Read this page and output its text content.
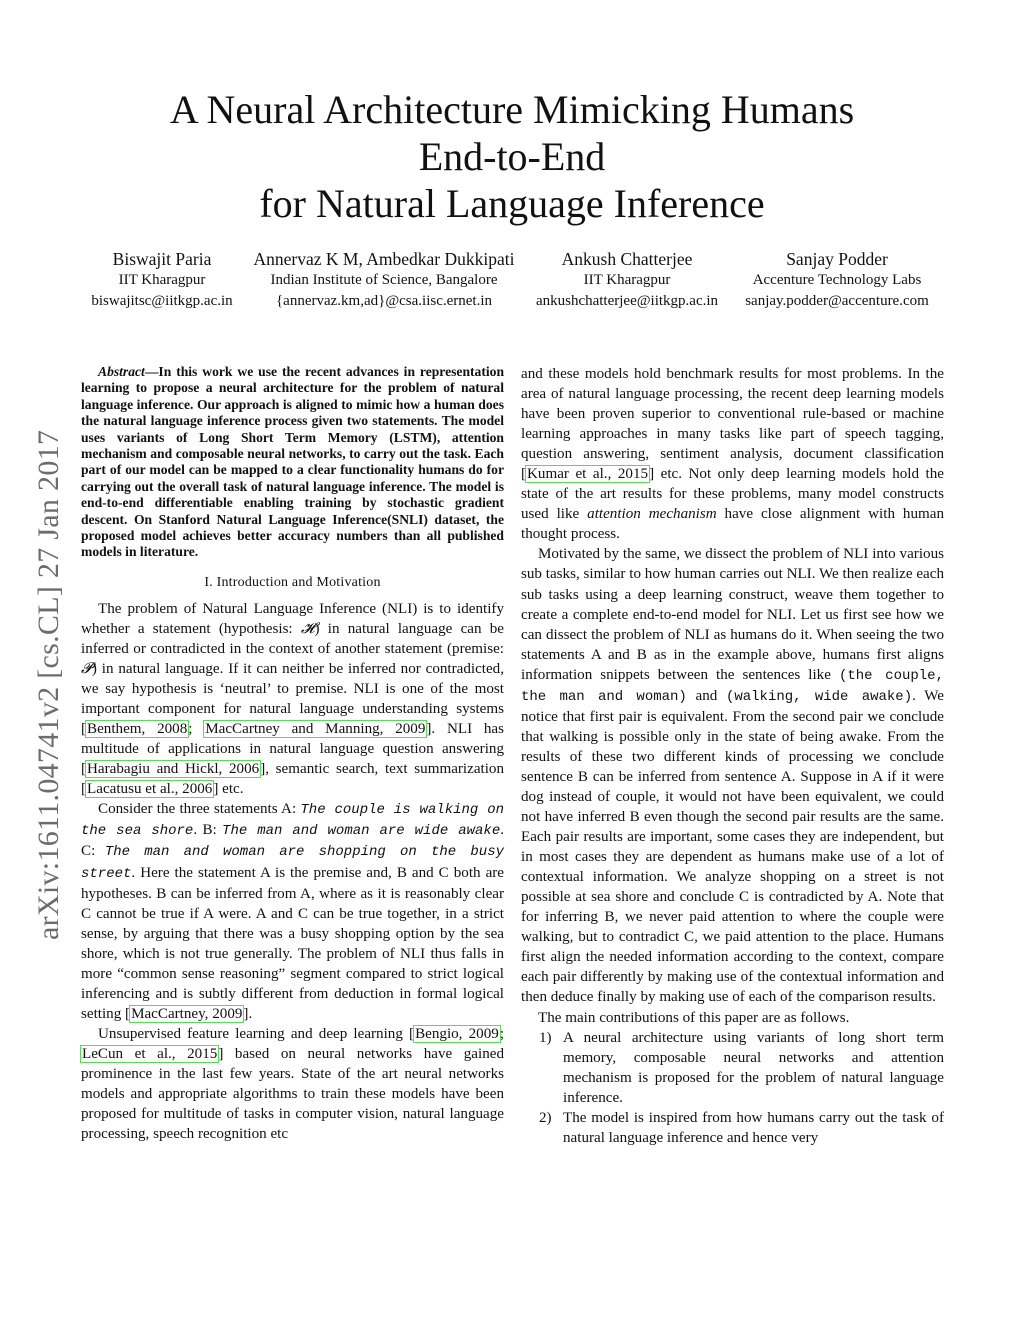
A Neural Architecture Mimicking Humans
End-to-End
for Natural Language Inference
Biswajit Paria
IIT Kharagpur
biswajitsc@iitkgp.ac.in
Annervaz K M, Ambedkar Dukkipati
Indian Institute of Science, Bangalore
{annervaz.km,ad}@csa.iisc.ernet.in
Ankush Chatterjee
IIT Kharagpur
ankushchatterjee@iitkgp.ac.in
Sanjay Podder
Accenture Technology Labs
sanjay.podder@accenture.com
arXiv:1611.04741v2 [cs.CL] 27 Jan 2017

Abstract—In this work we use the recent advances in representation learning to propose a neural architecture for the problem of natural language inference. Our approach is aligned to mimic how a human does the natural language inference process given two statements. The model uses variants of Long Short Term Memory (LSTM), attention mechanism and composable neural networks, to carry out the task. Each part of our model can be mapped to a clear functionality humans do for carrying out the overall task of natural language inference. The model is end-to-end differentiable enabling training by stochastic gradient descent. On Stanford Natural Language Inference(SNLI) dataset, the proposed model achieves better accuracy numbers than all published models in literature.

I. Introduction and Motivation

The problem of Natural Language Inference (NLI) is to identify whether a statement (hypothesis: 𝓗) in natural language can be inferred or contradicted in the context of another statement (premise: 𝓟) in natural language. If it can neither be inferred nor contradicted, we say hypothesis is ‘neutral’ to premise. NLI is one of the most important component for natural language understanding systems [Benthem, 2008; MacCartney and Manning, 2009]. NLI has multitude of applications in natural language question answering [Harabagiu and Hickl, 2006], semantic search, text summarization [Lacatusu et al., 2006] etc.

Consider the three statements A: The couple is walking on the sea shore. B: The man and woman are wide awake. C: The man and woman are shopping on the busy street. Here the statement A is the premise and, B and C both are hypotheses. B can be inferred from A, where as it is reasonably clear C cannot be true if A were. A and C can be true together, in a strict sense, by arguing that there was a busy shopping option by the sea shore, which is not true generally. The problem of NLI thus falls in more “common sense reasoning” segment compared to strict logical inferencing and is subtly different from deduction in formal logical setting [MacCartney, 2009].

Unsupervised feature learning and deep learning [Bengio, 2009; LeCun et al., 2015] based on neural networks have gained prominence in the last few years. State of the art neural networks models and appropriate algorithms to train these models have been proposed for multitude of tasks in computer vision, natural language processing, speech recognition etc

and these models hold benchmark results for most problems. In the area of natural language processing, the recent deep learning models have been proven superior to conventional rule-based or machine learning approaches in many tasks like part of speech tagging, question answering, sentiment analysis, document classification [Kumar et al., 2015] etc. Not only deep learning models hold the state of the art results for these problems, many model constructs used like attention mechanism have close alignment with human thought process.

Motivated by the same, we dissect the problem of NLI into various sub tasks, similar to how human carries out NLI. We then realize each sub tasks using a deep learning construct, weave them together to create a complete end-to-end model for NLI. Let us first see how we can dissect the problem of NLI as humans do it. When seeing the two statements A and B as in the example above, humans first aligns information snippets between the sentences like (the couple, the man and woman) and (walking, wide awake). We notice that first pair is equivalent. From the second pair we conclude that walking is possible only in the state of being awake. From the results of these two different kinds of processing we conclude sentence B can be inferred from sentence A. Suppose in A if it were dog instead of couple, it would not have been equivalent, we could not have inferred B even though the second pair results are the same. Each pair results are important, some cases they are independent, but in most cases they are dependent as humans make use of a lot of contextual information. We analyze shopping on a street is not possible at sea shore and conclude C is contradicted by A. Note that for inferring B, we never paid attention to where the couple were walking, but to contradict C, we paid attention to the place. Humans first align the needed information according to the context, compare each pair differently by making use of the contextual information and then deduce finally by making use of each of the comparison results.

The main contributions of this paper are as follows.

1) A neural architecture using variants of long short term memory, composable neural networks and attention mechanism is proposed for the problem of natural language inference.
2) The model is inspired from how humans carry out the task of natural language inference and hence very
